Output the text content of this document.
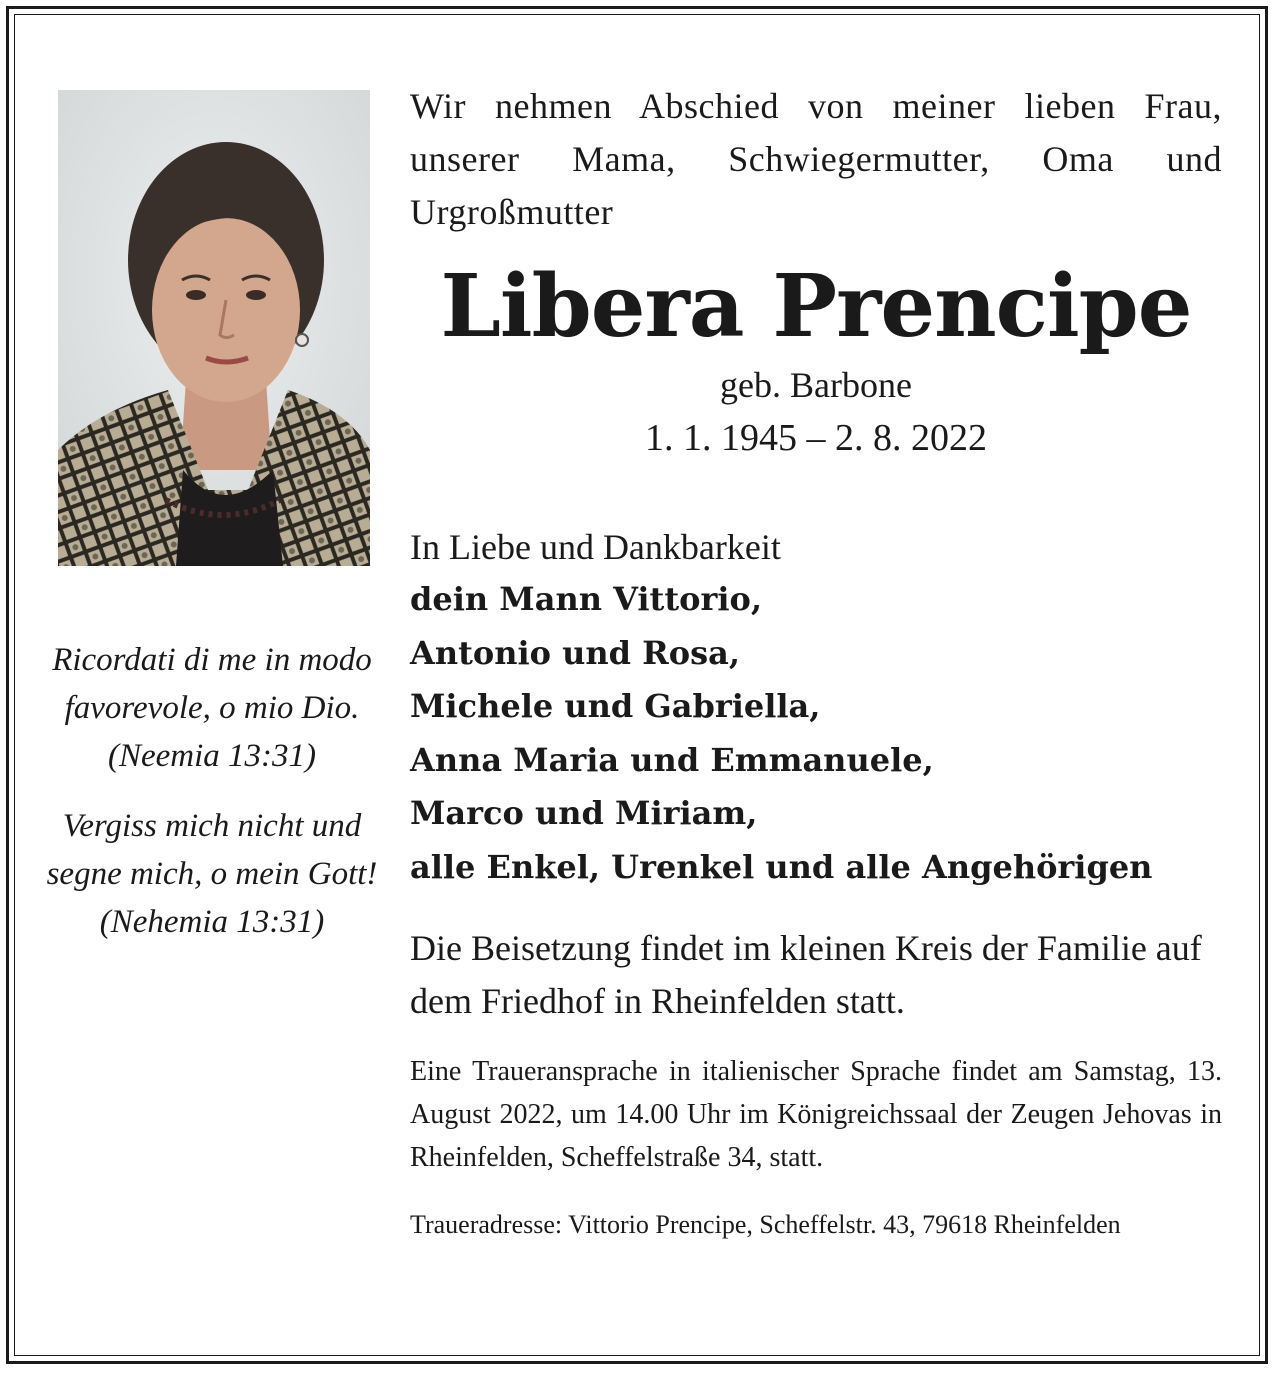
Ricordati di me in modo favorevole, o mio Dio.

(Neemia 13:31)

Vergiss mich nicht und segne mich, o mein Gott!

(Nehemia 13:31)

Wir nehmen Abschied von meiner lieben Frau, unserer Mama, Schwiegermutter, Oma und Urgroßmutter

Libera Prencipe

geb. Barbone

1. 1. 1945 – 2. 8. 2022

In Liebe und Dankbarkeit

dein Mann Vittorio,
Antonio und Rosa,
Michele und Gabriella,
Anna Maria und Emmanuele,
Marco und Miriam,
alle Enkel, Urenkel und alle Angehörigen

Die Beisetzung findet im kleinen Kreis der Familie auf dem Friedhof in Rheinfelden statt.

Eine Traueransprache in italienischer Sprache findet am Samstag, 13. August 2022, um 14.00 Uhr im Königreichssaal der Zeugen Jehovas in Rheinfelden, Scheffelstraße 34, statt.

Traueradresse: Vittorio Prencipe, Scheffelstr. 43, 79618 Rheinfelden
